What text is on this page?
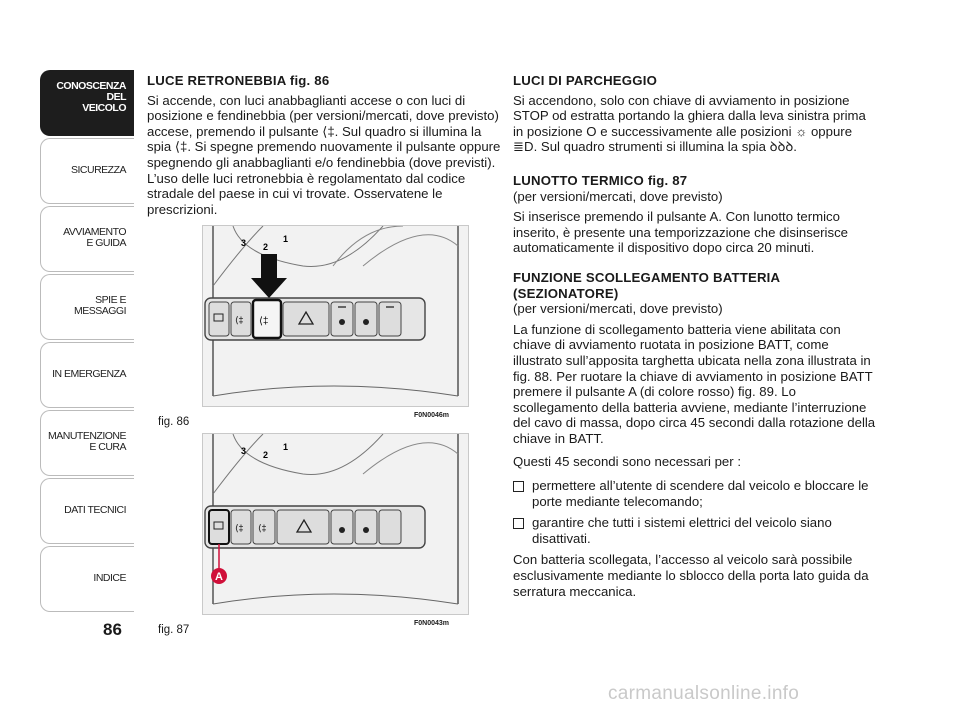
CONOSCENZA
DEL
VEICOLO
SICUREZZA
AVVIAMENTO
E GUIDA
SPIE E
MESSAGGI
IN EMERGENZA
MANUTENZIONE
E CURA
DATI TECNICI
INDICE
86
LUCE RETRONEBBIA fig. 86

Si accende, con luci anabbaglianti accese o con luci di posizione e fendinebbia (per versioni/mercati, dove previsto) accese, premendo il pulsante ⟨‡. Sul quadro si illumina la spia ⟨‡. Si spegne premendo nuovamente il pulsante oppure spegnendo gli anabbaglianti e/o fendinebbia (dove previsti). L’uso delle luci retronebbia è regolamentato dal codice stradale del paese in cui vi trovate. Osservatene le prescrizioni.

3 2
1
⟨‡ ⟨‡
fig. 86
F0N0046m
3 2
1
⟨‡ ⟨‡
A
fig. 87
F0N0043m
LUCI DI PARCHEGGIO

Si accendono, solo con chiave di avviamento in posizione STOP od estratta portando la ghiera dalla leva sinistra prima in posizione O e successivamente alle posizioni ☼ oppure ≣D. Sul quadro strumenti si illumina la spia ꝺꝺꝺ.

LUNOTTO TERMICO fig. 87

(per versioni/mercati, dove previsto)

Si inserisce premendo il pulsante A. Con lunotto termico inserito, è presente una temporizzazione che disinserisce automaticamente il dispositivo dopo circa 20 minuti.

FUNZIONE SCOLLEGAMENTO BATTERIA (SEZIONATORE)

(per versioni/mercati, dove previsto)

La funzione di scollegamento batteria viene abilitata con chiave di avviamento ruotata in posizione BATT, come illustrato sull’apposita targhetta ubicata nella zona illustrata in fig. 88. Per ruotare la chiave di avviamento in posizione BATT premere il pulsante A (di colore rosso) fig. 89. Lo scollegamento della batteria avviene, mediante l’interruzione del cavo di massa, dopo circa 45 secondi dalla rotazione della chiave in BATT.

Questi 45 secondi sono necessari per :

permettere all’utente di scendere dal veicolo e bloccare le porte mediante telecomando;
garantire che tutti i sistemi elettrici del veicolo siano disattivati.

Con batteria scollegata, l’accesso al veicolo sarà possibile esclusivamente mediante lo sblocco della porta lato guida da serratura meccanica.

carmanualsonline.info
